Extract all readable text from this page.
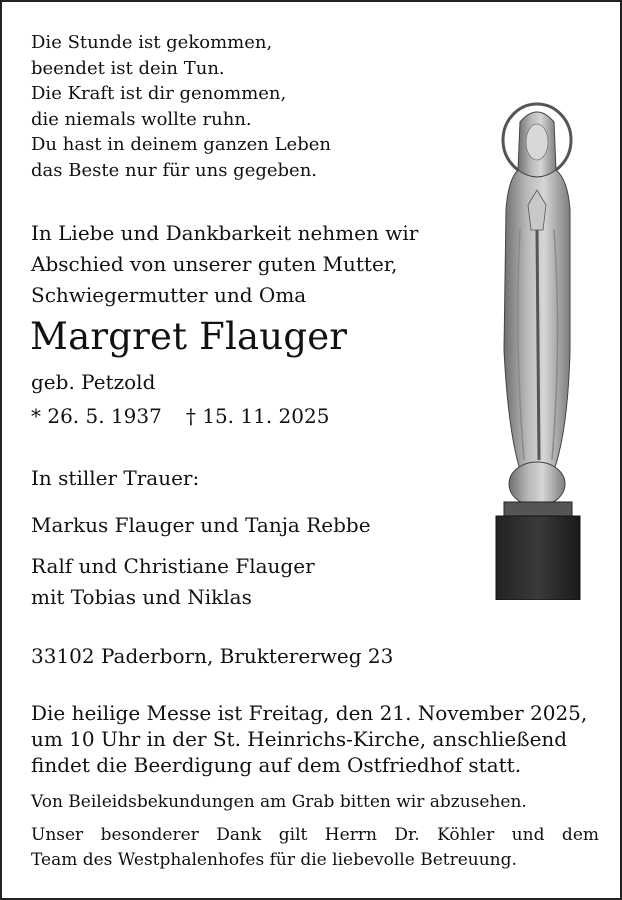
Die Stunde ist gekommen,
beendet ist dein Tun.
Die Kraft ist dir genommen,
die niemals wollte ruhn.
Du hast in deinem ganzen Leben
das Beste nur für uns gegeben.
In Liebe und Dankbarkeit nehmen wir
Abschied von unserer guten Mutter,
Schwiegermutter und Oma
Margret Flauger
geb. Petzold
* 26. 5. 1937 † 15. 11. 2025
In stiller Trauer:
Markus Flauger und Tanja Rebbe
Ralf und Christiane Flauger
mit Tobias und Niklas
33102 Paderborn, Bruktererweg 23
Die heilige Messe ist Freitag, den 21. November 2025,
um 10 Uhr in der St. Heinrichs-Kirche, anschließend
findet die Beerdigung auf dem Ostfriedhof statt.
Von Beileidsbekundungen am Grab bitten wir abzusehen.
Unser besonderer Dank gilt Herrn Dr. Köhler und dem
Team des Westphalenhofes für die liebevolle Betreuung.
